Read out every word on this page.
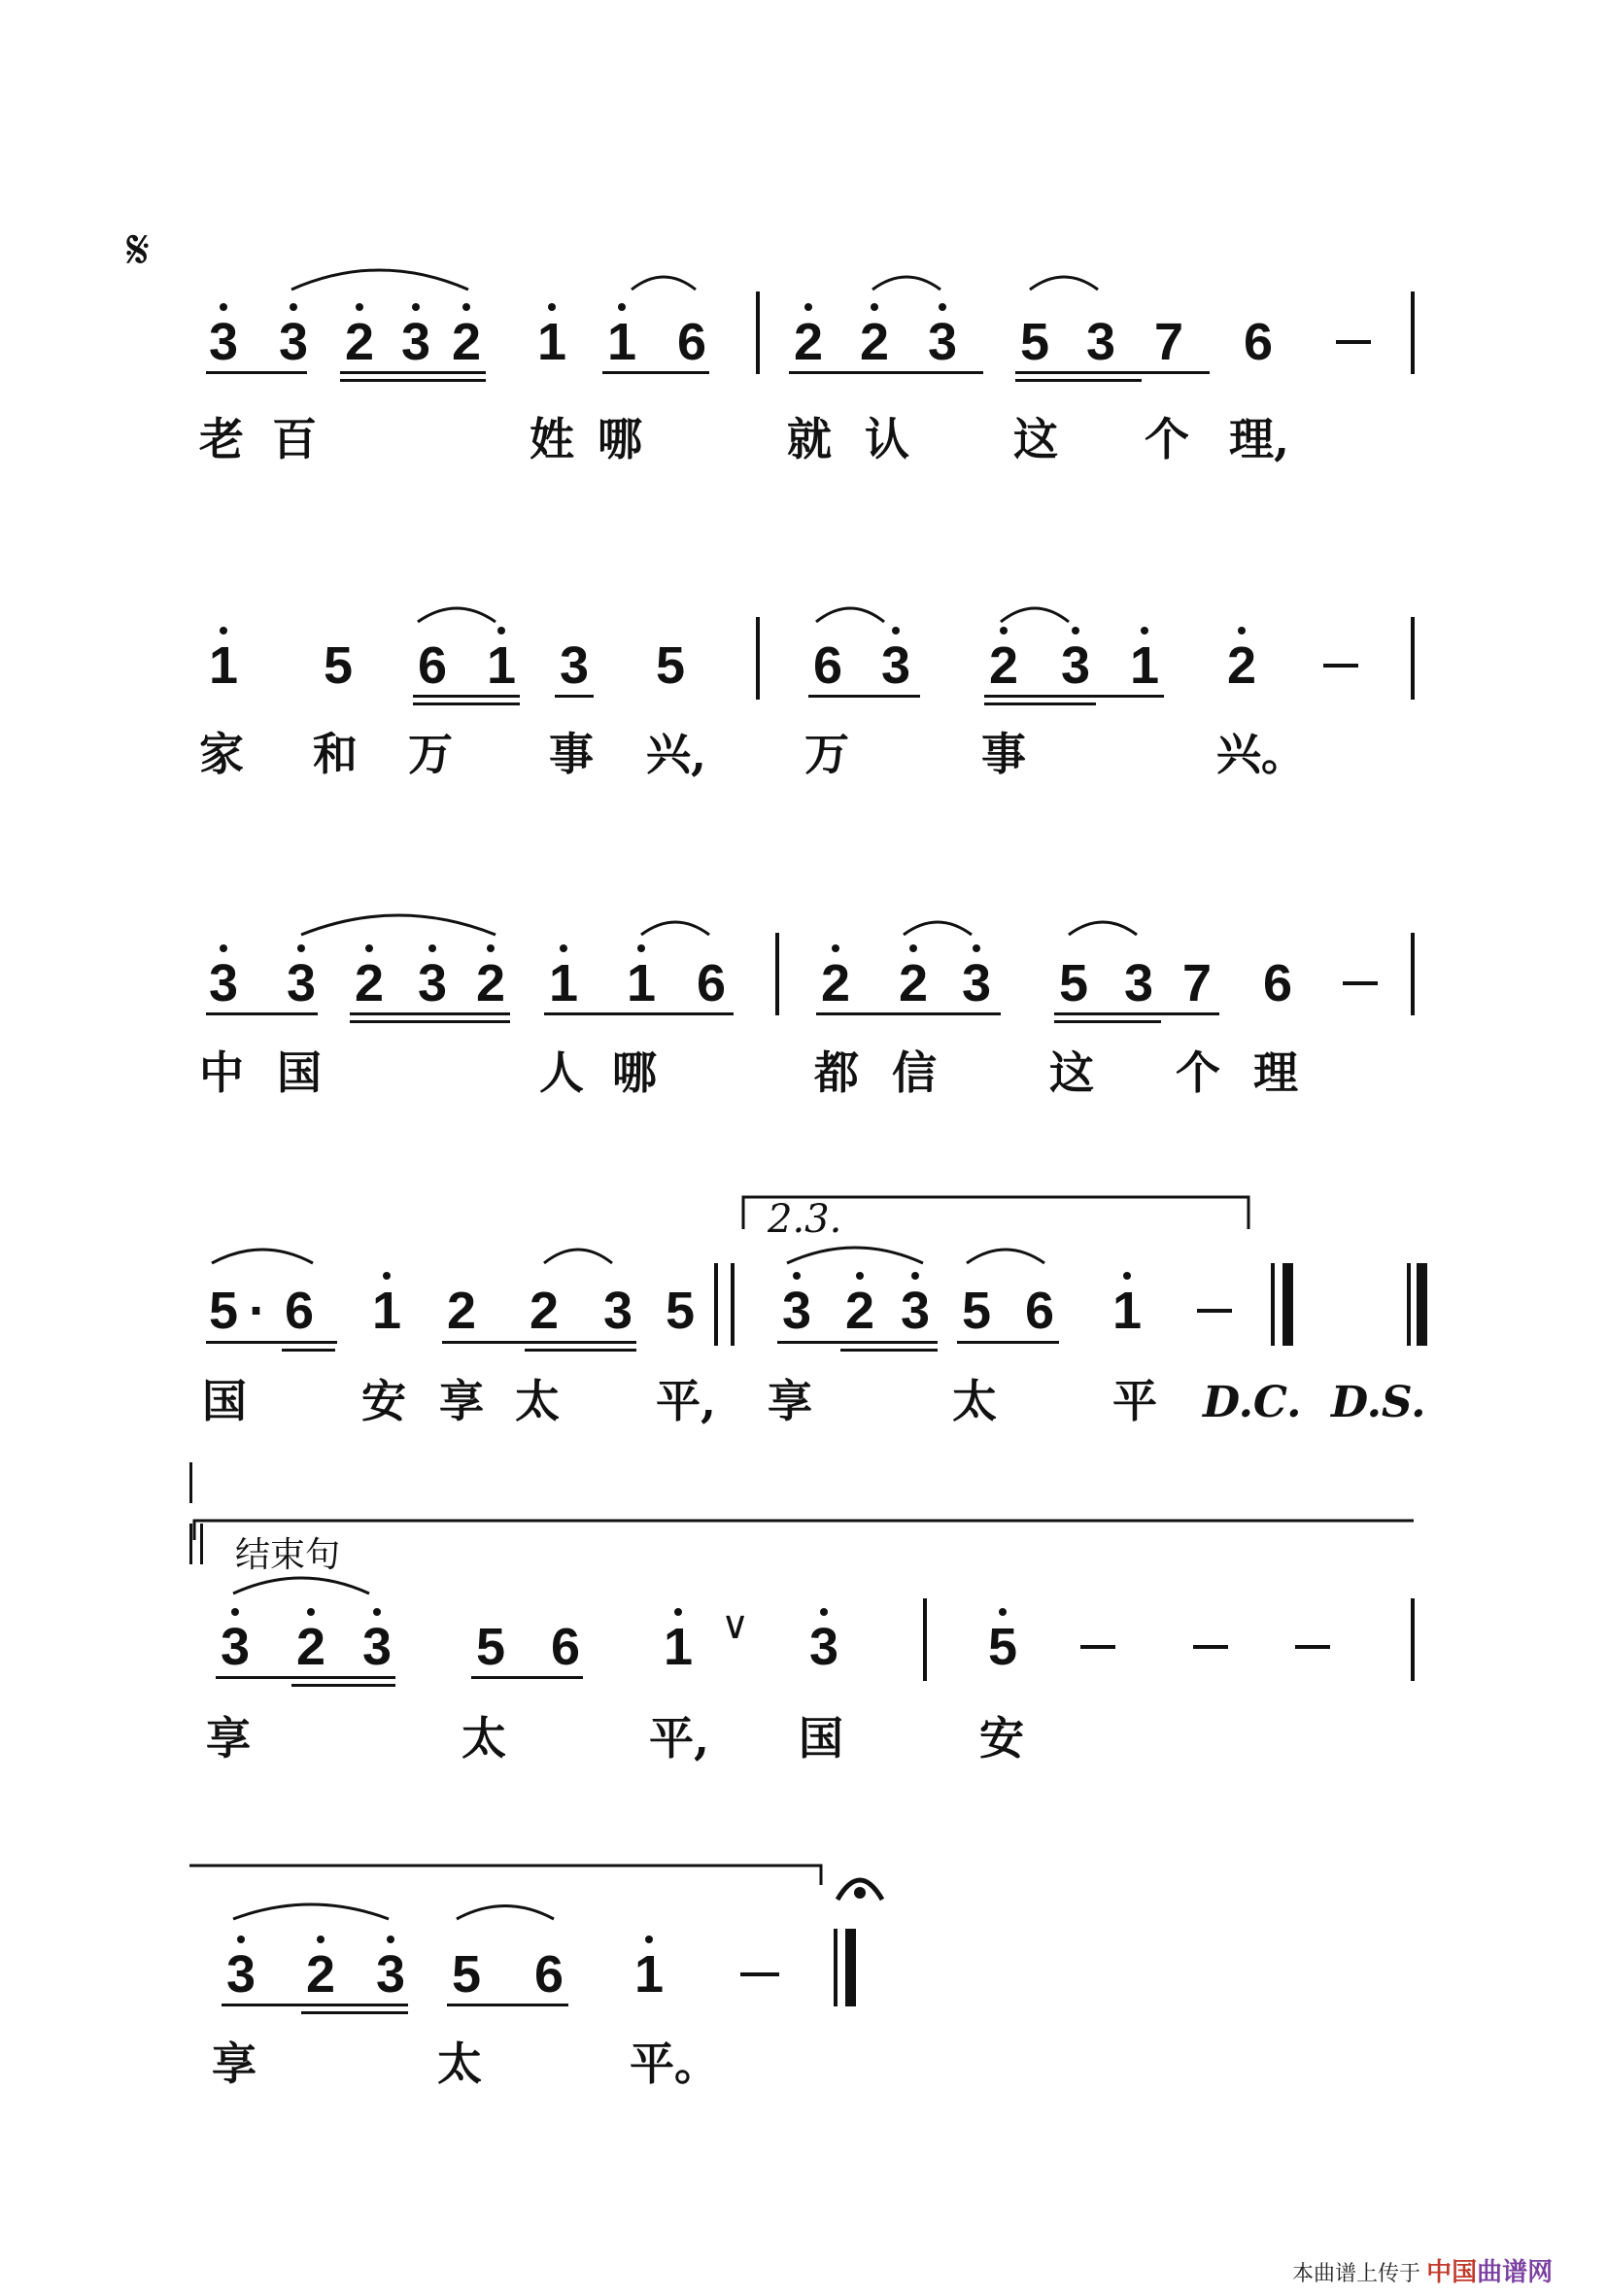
𝄋
3 3 2 3 2 1 1 6 2 2 3 5 3 7 6
老 百	姓 哪	就 认 这 个 理,
1 5 6 1 3 5 6 3 2 3 1 2
家 和 万 事 兴, 万	事	兴。
3 3 2 3 2 1 1 6 2 2 3 5 3 7 6
中 国	人 哪	都 信	这 个 理
2.3.
5 · 6 1 2 2 3 5 3 2 3 5 6 1
国	安 享 太 平, 享	太	平 D.C. D.S.
结束句
3 2 3 5 6 1 ∨ 3	5
享	太	平, 国	安
3 2 3 5 6 1
享	太	平。
本曲谱上传于 中国曲谱网
